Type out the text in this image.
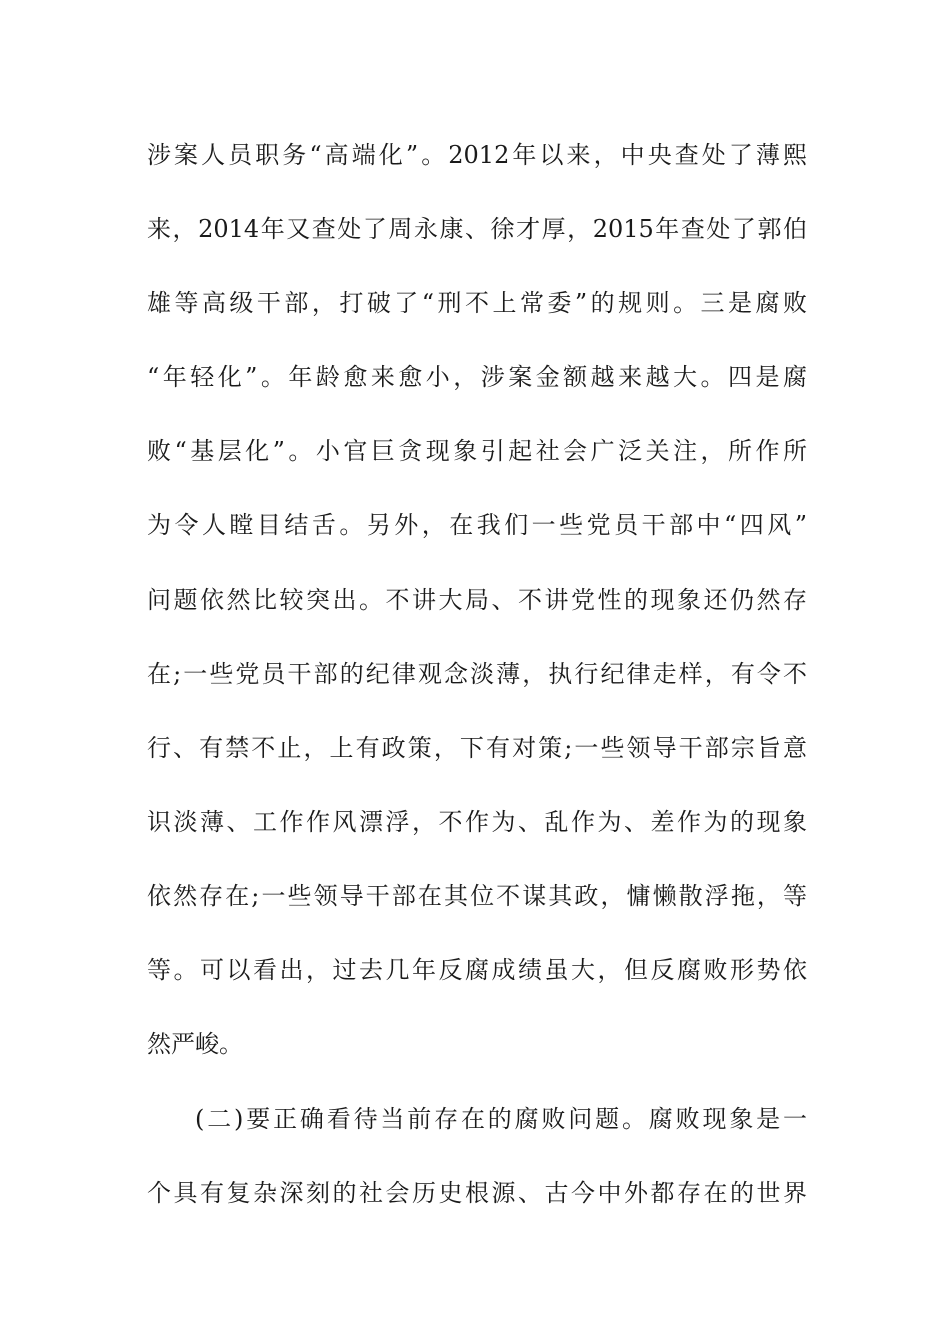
涉案人员职务“高端化”。2012年以来，中央查处了薄熙
来，2014年又查处了周永康、徐才厚，2015年查处了郭伯
雄等高级干部，打破了“刑不上常委”的规则。三是腐败
“年轻化”。年龄愈来愈小，涉案金额越来越大。四是腐
败“基层化”。小官巨贪现象引起社会广泛关注，所作所
为令人瞠目结舌。另外，在我们一些党员干部中“四风”
问题依然比较突出。不讲大局、不讲党性的现象还仍然存
在;一些党员干部的纪律观念淡薄，执行纪律走样，有令不
行、有禁不止，上有政策，下有对策;一些领导干部宗旨意
识淡薄、工作作风漂浮，不作为、乱作为、差作为的现象
依然存在;一些领导干部在其位不谋其政，慵懒散浮拖，等
等。可以看出，过去几年反腐成绩虽大，但反腐败形势依
然严峻。
(二)要正确看待当前存在的腐败问题。腐败现象是一
个具有复杂深刻的社会历史根源、古今中外都存在的世界
